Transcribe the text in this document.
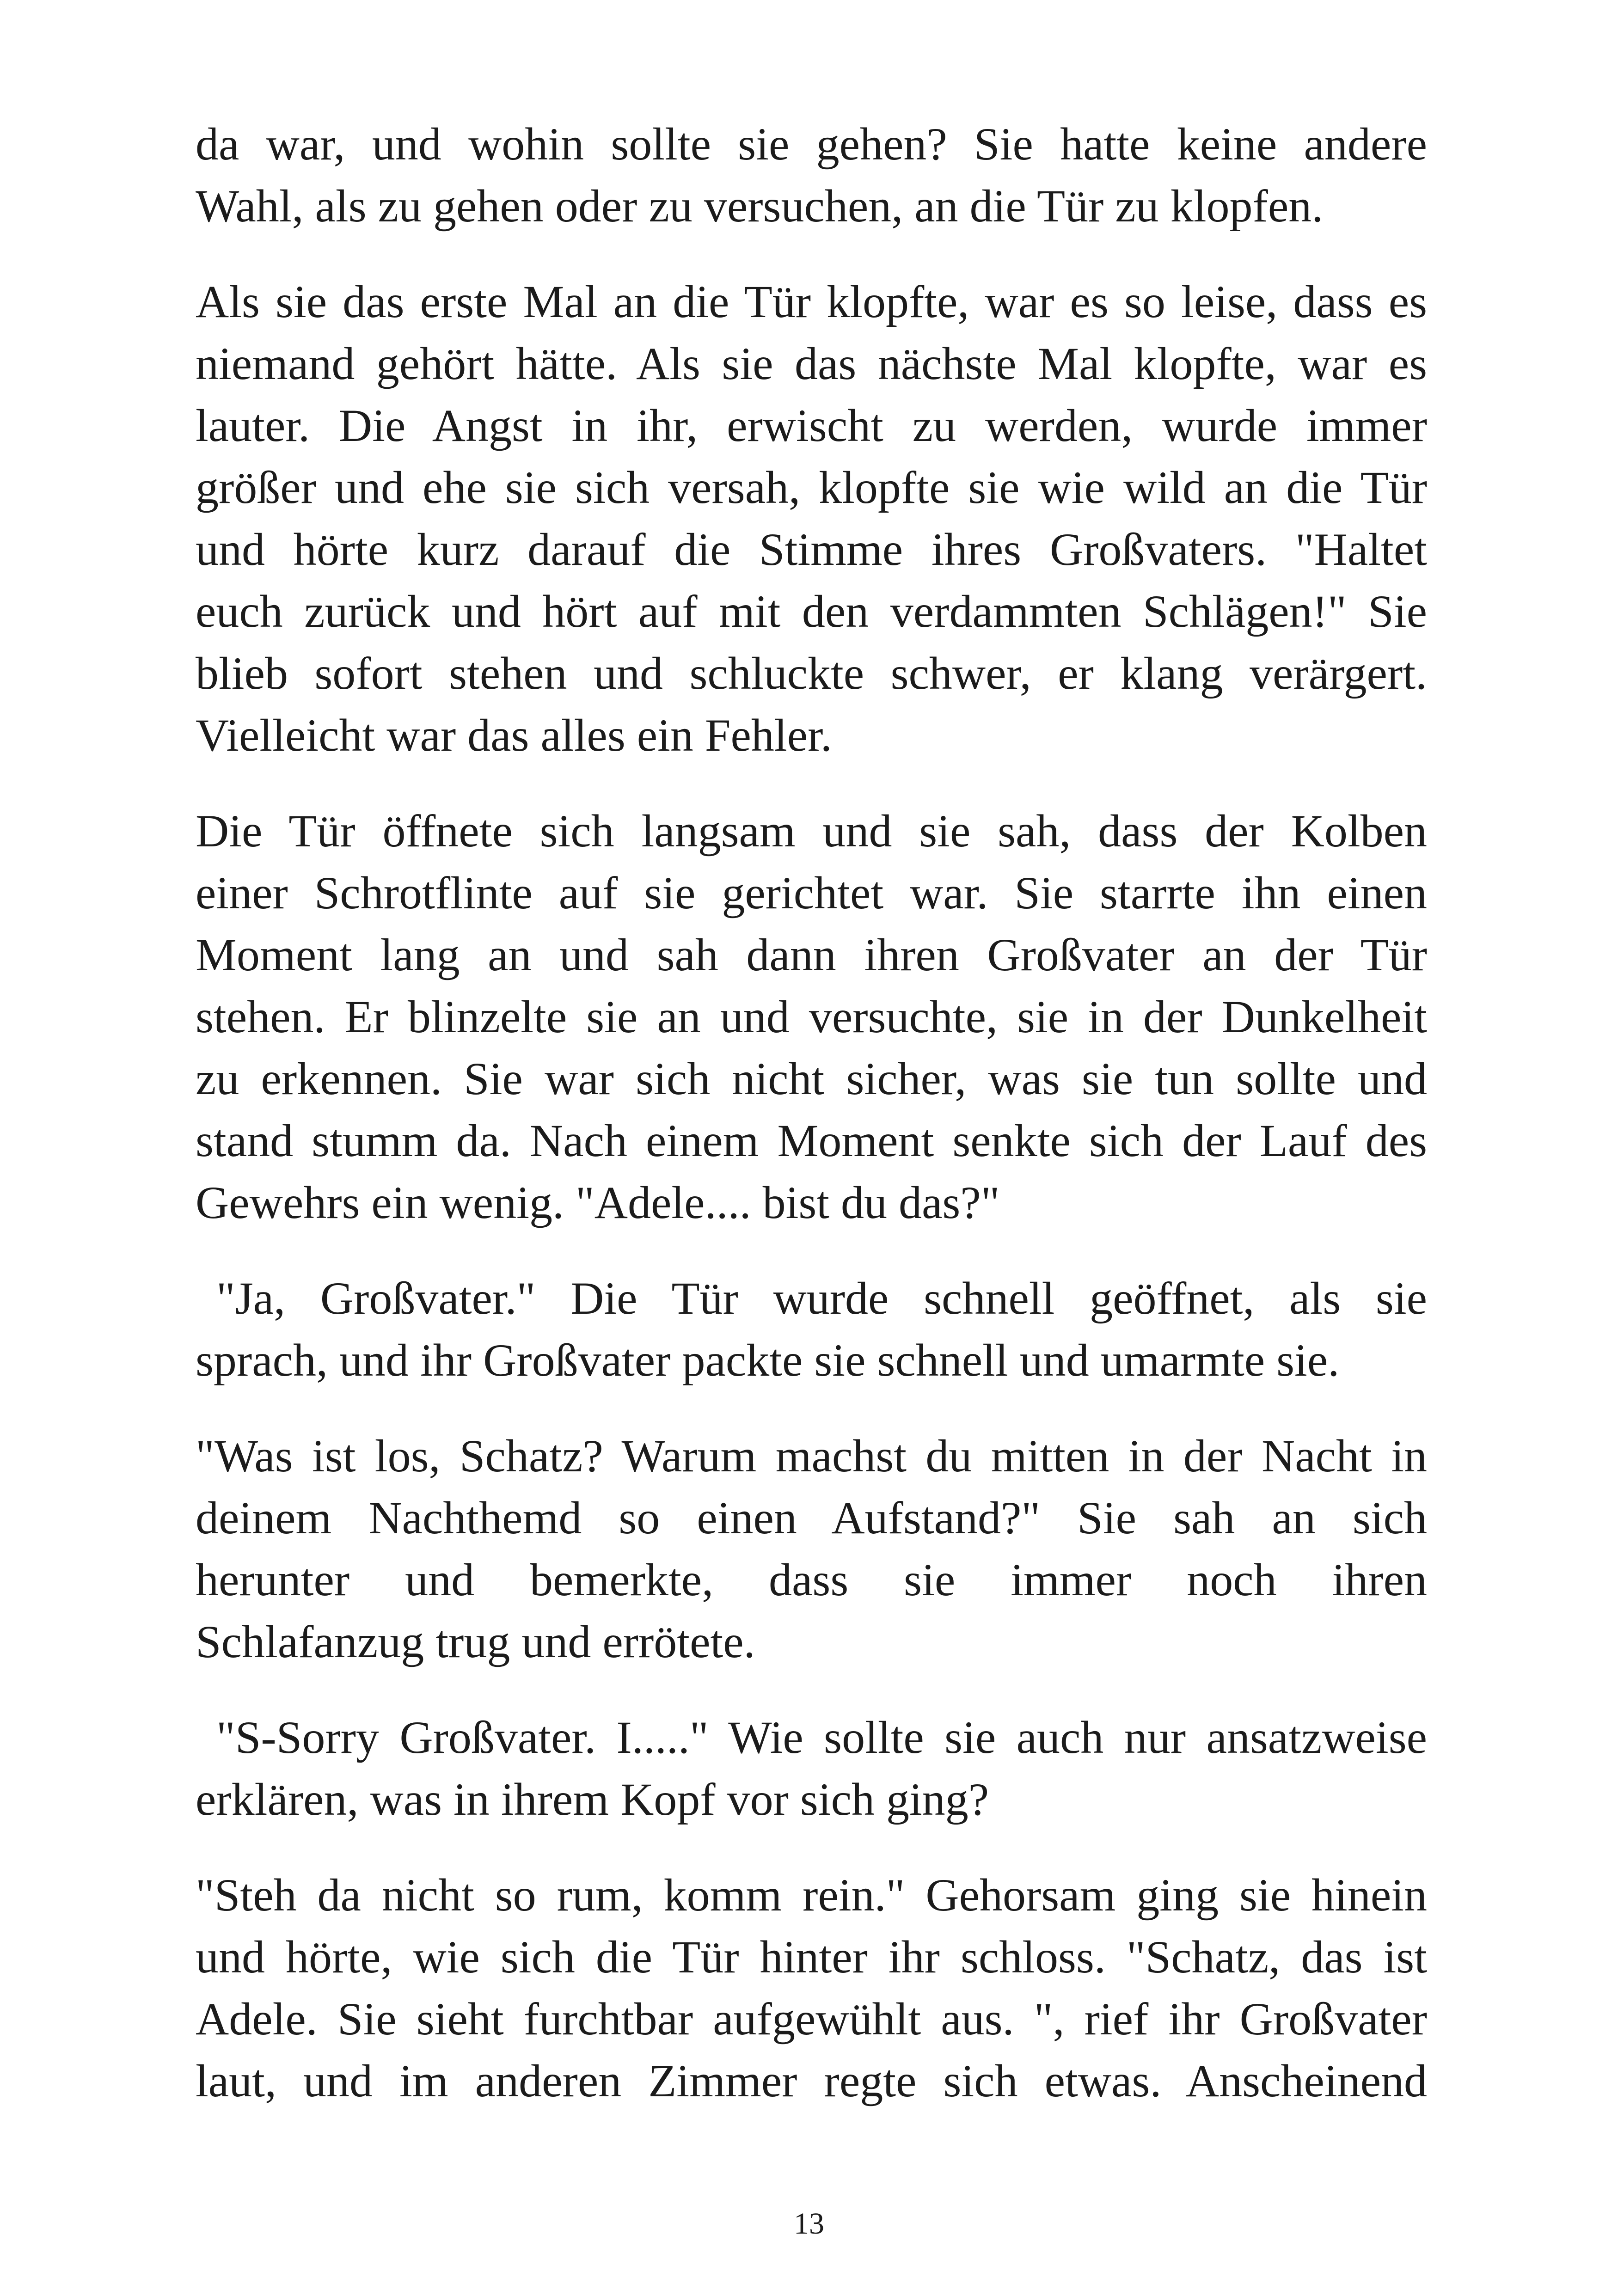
da war, und wohin sollte sie gehen? Sie hatte keine andere
Wahl, als zu gehen oder zu versuchen, an die Tür zu klopfen.
Als sie das erste Mal an die Tür klopfte, war es so leise, dass es
niemand gehört hätte. Als sie das nächste Mal klopfte, war es
lauter. Die Angst in ihr, erwischt zu werden, wurde immer
größer und ehe sie sich versah, klopfte sie wie wild an die Tür
und hörte kurz darauf die Stimme ihres Großvaters. "Haltet
euch zurück und hört auf mit den verdammten Schlägen!" Sie
blieb sofort stehen und schluckte schwer, er klang verärgert.
Vielleicht war das alles ein Fehler.
Die Tür öffnete sich langsam und sie sah, dass der Kolben
einer Schrotflinte auf sie gerichtet war. Sie starrte ihn einen
Moment lang an und sah dann ihren Großvater an der Tür
stehen. Er blinzelte sie an und versuchte, sie in der Dunkelheit
zu erkennen. Sie war sich nicht sicher, was sie tun sollte und
stand stumm da. Nach einem Moment senkte sich der Lauf des
Gewehrs ein wenig. "Adele.... bist du das?"
"Ja, Großvater." Die Tür wurde schnell geöffnet, als sie
sprach, und ihr Großvater packte sie schnell und umarmte sie.
"Was ist los, Schatz? Warum machst du mitten in der Nacht in
deinem Nachthemd so einen Aufstand?" Sie sah an sich
herunter und bemerkte, dass sie immer noch ihren
Schlafanzug trug und errötete.
"S-Sorry Großvater. I....." Wie sollte sie auch nur ansatzweise
erklären, was in ihrem Kopf vor sich ging?
"Steh da nicht so rum, komm rein." Gehorsam ging sie hinein
und hörte, wie sich die Tür hinter ihr schloss. "Schatz, das ist
Adele. Sie sieht furchtbar aufgewühlt aus. ", rief ihr Großvater
laut, und im anderen Zimmer regte sich etwas. Anscheinend
13
